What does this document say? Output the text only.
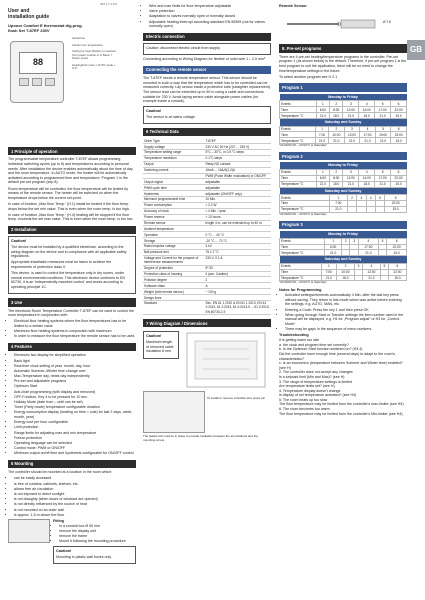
GB
VAT 1.7.1 CO
User and
installation guide
Uponor Comfort E thermostat dig.prog.
flush Set T-87EF 230V
88
Actual line
Actual room temperature
Ceiling for heat (Winter) or reached from power module or in Basic = Power power
Heating/boil mode = AUTO mode + 9:17
1 Principle of operation

The programmable temperature controller T-87EF allows programming individual switching cycles (up to 6) and temperatures according to personal needs. After installation the device enables automatically about the time of day and the room temperature. In AUTO mode, the heater will be automatically activated according to programmed time and temperature. Program 1 is the default pre-set program (sep 8).

Room temperature will be controlled, the floor temperature will be limited by means of the remote sensor. The heater will be switched on when the temperature drops below the current set-point.

In case of function „Max floor Temp.“ (H.1) install be heated if the floor temp. drops below the set min value. This is even when the room temp. is too high.

In case of function „Max floor Temp.“ (H.4) heating will be stopped if the floor temp. exceeds the set max value. This is even when the room temp. is too low.

2 Installation
Caution!

The device must be installed by a qualified electrician, according to the wiring diagram on the device and in compliance with all applicable safety regulations.

Appropriate installation measures must be taken to achieve the requirements of protection class II.

This device, is used to control the temperature only in dry rooms, under normal environmental conditions. This electronic device conforms to EN 60730, it is an 'independently mounted control' and works according to operating principle 1C.

3 Use

The electronic Room Temperature Controller T-87EF can be used to control the room temperature in conjunction with:

• Electrical floor heating systems where the floor temperatures has to be limited to a certain value
• Maximum floor heating systems in conjunction with maximum
• In order to measure the floor temperature the remote sensor has to be used.
4 Features
• Electronic two display for simplified operation
• Back light
• Real time clock setting of year, month, day, hour
• Automatic Summer-/Winter time change over
• Max-Temperature day, heats day independently
• Pre-set and adjustable programs
• Optimum Start
• Anti-chair programming (with display and removed)
• OFF-Function, Key 4 to be pressed for 10 sec.
• Holiday Mode (date from – until can be set)
• Timer (Party mode) temperature configurable duration
• Energy consumption display (heating on time = cost) for last 2 days, week, month, year)
• Energy cost per hour configurable
• Limit protection
• Range limits for adjusting max and min temperature
• Freeze protection
• Operating language can be selected
• Control mode: PWM or ON/OFF
• Minimum output on/off time and hysteresis configurable for ON/OFF control
5 Mounting

The controller should be mounted at a location in the room which:

• can be easily accessed
• is free of curtains, cabinets, shelves, etc.
• allows free air circulation
• is not exposed to direct sunlight
• is not draughty (when doors or windows are opened)
• is not directly influenced by the source of heat
• is not mounted on an outer wall
• is approx. 1.5 m above the floor
Fitting
• In a conduit box Ø 60 mm
• remove the display unit
• remove the frame
• Mount it following the mounting procedure
Caution!

Mounting in plastic wall boxes only

• Wire and max limits for floor temperature adjustable
• Valve protection
• Adaptation to valves normally open or normally closed
• Adjustable heating interrupt according standard EN 50559 (not for valves normally open)
Electric connection

Caution: disconnect electric circuit from supply

Connecting according to Wiring Diagram for flexible or solid wire 1 – 2,5 mm²

Connecting the remote sensor

The T-87EF needs a remote temperature sensor. This sensor should be mounted in such a way that the temperature which has to be controlled can be measured correctly. Lay sensor inside a protective tube (straighter replacement). The sensor lead can be extended up to 50 m using a cable and connections suitable for 230 V. Avoid laying sensor cable alongside power cables (for example inside a conduit).

Caution!

The sensor is at mains voltage.

6 Technical Data
Order Type	T-87EF
Supply voltage	230 V AC 50 Hz (207 ... 253 V)
Temperature setting range	5°C – 30°C, in 0.5 °C steps
Temperature resolution	0.1°C steps
Output	Relay NO contact
Switching current	16mA ... 16A/6(1,2)A
	PWM (Pulse Width modulation) or ON/OFF
Output signal	adjustable
PWM cycle time	adjustable
Hysteresis	adjustable (ON/OFF only)
Minimum programmable time	10 Min.
Power consumption	< 2,2 W
Accuracy of clock	< 4 Min. / year
Power reserve	> 10 hours
Remote sensor	length 4 m, can be extended up to 50 m
Ambient temperature	
Operation	0 °C ... 40 °C
Storage	-20 °C ... 70 °C
Rated impulse voltage	4 kV
Ball pressure test	75 ± 2 °C
Voltage and Current for the purpose of interference measurements	230 V, 0.1 A
Degree of protection	IP 30
Protection class of housing	II (acc. Caution)
Pollution degree	2
Software class	A
Weight (with remote sensor)	~ 100 g
Design lines	
Standard	Sec. EN 61 1 2010 & EN 61 1 2013, EN 61 2:2013, 61 2:2013, 61 4:2013-5 ... 61 2:2013; EN 60730-2-9
7 Wiring Diagram / Dimensions
Caution!

Maximum length of removed cable insulation 8 mm.

To install or remove a flexible wire press pin

The plastic tab must be in place to provide insulation between the terminations and the mounting screw.

Remote Sensor
Ø 7.8
8. Pre-set programs

There are 4 pre-set heating/temperature programs in the controller. Pre-set program 1 (as shown below) is the default. Therefore, if pre-set program 1 is the best program to suit the application, there will be no need to change the time/temperature settings in the future.

To select another program see H 2.1

Program 1
Monday to Friday						
Events	1	2	3	4	5	6
Time	6:00	8:30	12:00	14:00	17:00	22:00
Temperature °C	21.0	18.0	21.0	18.0	21.0	15.0
Saturday and Sunday						
Events	1	2	3	4	5	6
Time	7:00	10:00	12:00	17:00	19:00	22:00
Temperature °C	21.0	21.0	21.0	21.0	21.0	15.0
"22:00/22:00 – 23:00°C is Saturday"
Program 2
Monday to Friday						
Events	1	2	3	4	5	6
Time	6:00	8:30	12:00	14:00	17:00	22:00
Temperature °C	21.0	18.0	21.0	18.0	21.0	15.0
Saturday and Sunday						
Events	1	2	3	4	5	6
Time	7:00					22:00
Temperature °C	21.0					15.0
"22:00/22:00 – 23:00°C is Saturday"
Program 3
Monday to Friday						
Events	1	2	3	4	5	6
Time	6:00			17:00		22:00
Temperature °C	21.0			21.0		15.0
Saturday and Sunday						
Events	1	2	3	4	5	6
Time	7:00	10:00		12:00		22:00
Temperature °C	21.0	18.0		21.0		15.0
"22:00/22:00 – 23:00°C is Saturday"
Notes for Programming
• Activated settings/elements automatically 4 Min. after the last key press without saving. They return in this mode which was active before entering the settings, e.g. AUTO, MAN, etc.
• Entering a Code: Press the key 1 and then press OK
• When going through Start or Transfer settings the item number used in the manual will be displayed, e.g. H1 for „Program adjust“ or H3 for „Control Mode“.
• There may be gaps in the sequence of menu numbers.
Troubleshooting
It is getting warm too late
a. the clock and program time set correctly?
b. Is the Optimum Start function switched on? (H3.4)
Did the controller have enough time (several days) to adapt to the room's characteristics?
c. Is an economics (temperature between Summer and Winter time) enabled? (see H)
2. The controller does not accept any changes
Is a setpoint limit (Min and Max)? (see H)
3. The range of temperature settings is limited
Are temperature limits set? (see H)
4. Temperature display doesn't change
Is display of set temperature activated? (see H4)
5. The room heats up too slow
The floor temperature may be limited from the controller's max-limiter (see H4)
6. The room becomes too warm
The floor temperature may be limited from the controller's Min-limiter (see H4)
